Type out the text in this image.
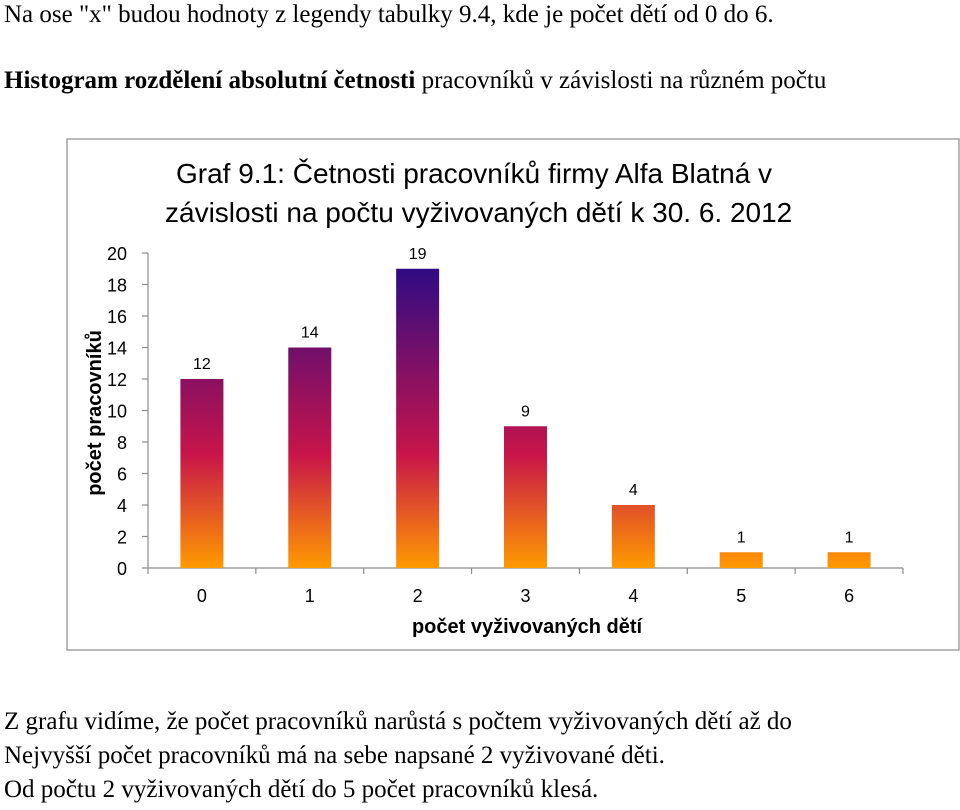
Na ose "x" budou hodnoty z legendy tabulky 9.4, kde je počet dětí od 0 do 6.
Histogram rozdělení absolutní četnosti pracovníků v závislosti na různém počtu
Graf 9.1: Četnosti pracovníků firmy Alfa Blatná v
závislosti na počtu vyživovaných dětí k 30. 6. 2012
počet pracovníků
počet vyživovaných dětí
0
2
4
6
8
10
12
14
16
18
20
0	1	2	3	4	5	6
12
14
19
9
4
1	1
Z grafu vidíme, že počet pracovníků narůstá s počtem vyživovaných dětí až do
Nejvyšší počet pracovníků má na sebe napsané 2 vyživované děti.
Od počtu 2 vyživovaných dětí do 5 počet pracovníků klesá.
